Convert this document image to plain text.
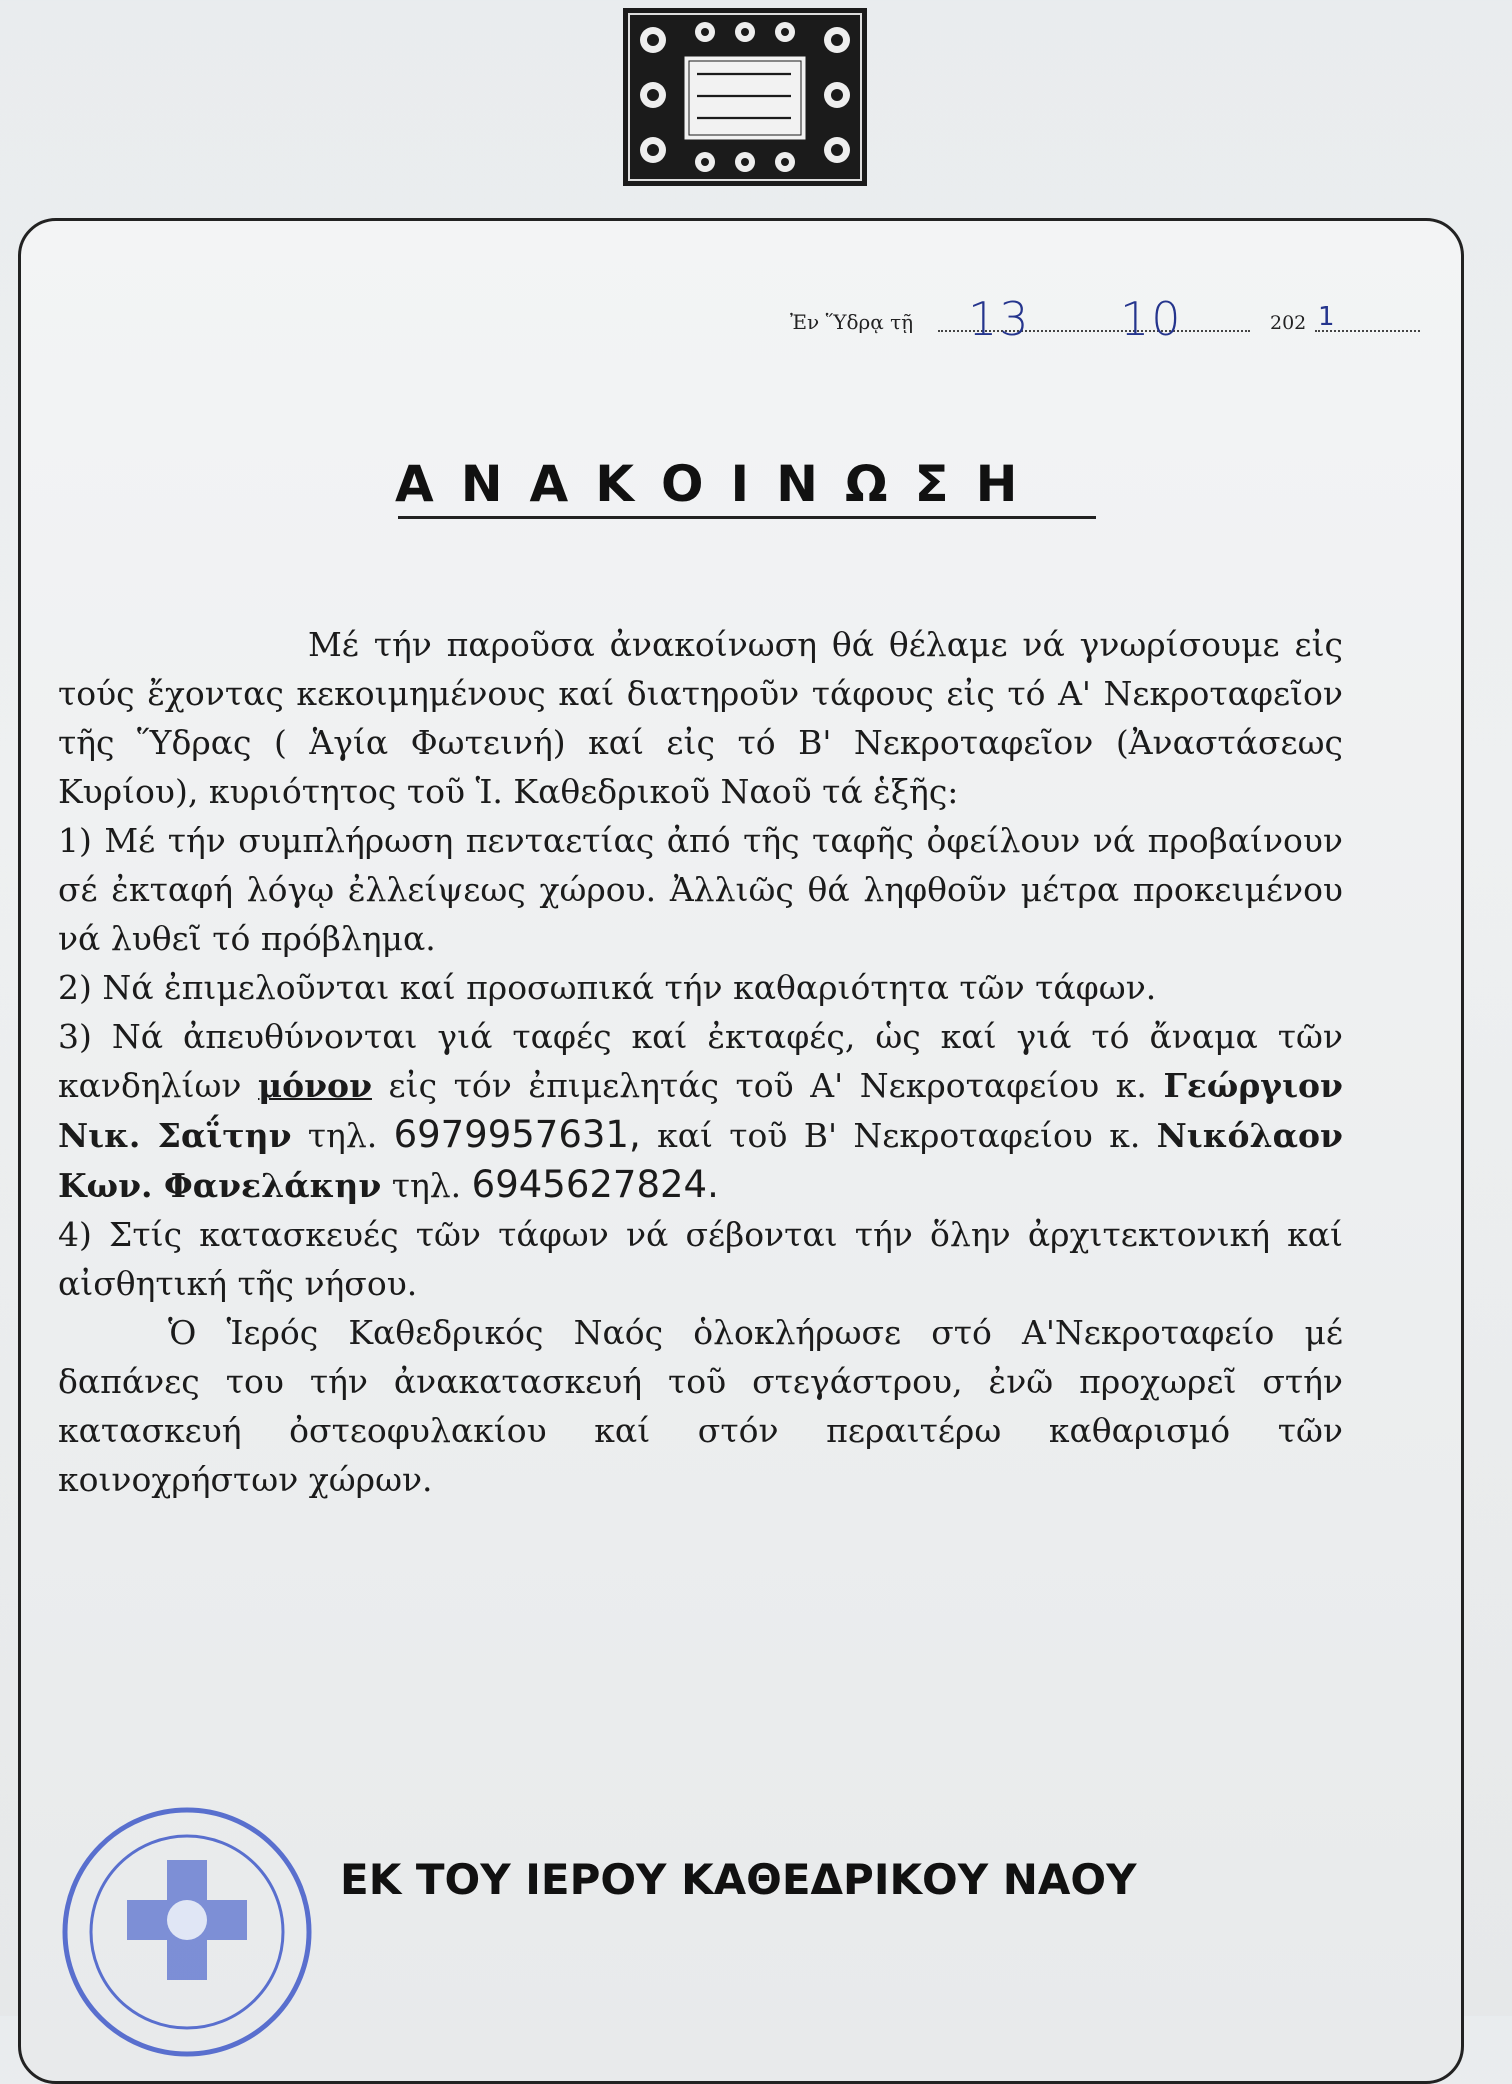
Ἐν Ὕδρᾳ τῇ 13 10	202 1
ΑΝΑΚΟΙΝΩΣΗ

Μέ τήν παροῦσα ἀνακοίνωση θά θέλαμε νά γνωρίσουμε εἰς τούς ἔχοντας κεκοιμημένους καί διατηροῦν τάφους εἰς τό Α' Νεκροταφεῖον τῆς Ὕδρας ( Ἁγία Φωτεινή) καί εἰς τό Β' Νεκροταφεῖον (Ἀναστάσεως Κυρίου), κυριότητος τοῦ Ἱ. Καθεδρικοῦ Ναοῦ τά ἑξῆς:

1) Μέ τήν συμπλήρωση πενταετίας ἀπό τῆς ταφῆς ὀφείλουν νά προβαίνουν σέ ἐκταφή λόγῳ ἐλλείψεως χώρου. Ἀλλιῶς θά ληφθοῦν μέτρα προκειμένου νά λυθεῖ τό πρόβλημα.

2) Νά ἐπιμελοῦνται καί προσωπικά τήν καθαριότητα τῶν τάφων.

3) Νά ἀπευθύνονται γιά ταφές καί ἐκταφές, ὡς καί γιά τό ἄναμα τῶν κανδηλίων μόνον εἰς τόν ἐπιμελητάς τοῦ Α' Νεκροταφείου κ. Γεώργιον Νικ. Σαΐτην τηλ. 6979957631, καί τοῦ Β' Νεκροταφείου κ. Νικόλαον Κων. Φανελάκην τηλ. 6945627824.

4) Στίς κατασκευές τῶν τάφων νά σέβονται τήν ὅλην ἀρχιτεκτονική καί αἰσθητική τῆς νήσου.

Ὁ Ἱερός Καθεδρικός Ναός ὁλοκλήρωσε στό Α'Νεκροταφείο μέ δαπάνες του τήν ἀνακατασκευή τοῦ στεγάστρου, ἐνῶ προχωρεῖ στήν κατασκευή ὀστεοφυλακίου καί στόν περαιτέρω καθαρισμό τῶν κοινοχρήστων χώρων.

ΕΚ ΤΟΥ ΙΕΡΟΥ ΚΑΘΕΔΡΙΚΟΥ ΝΑΟΥ
